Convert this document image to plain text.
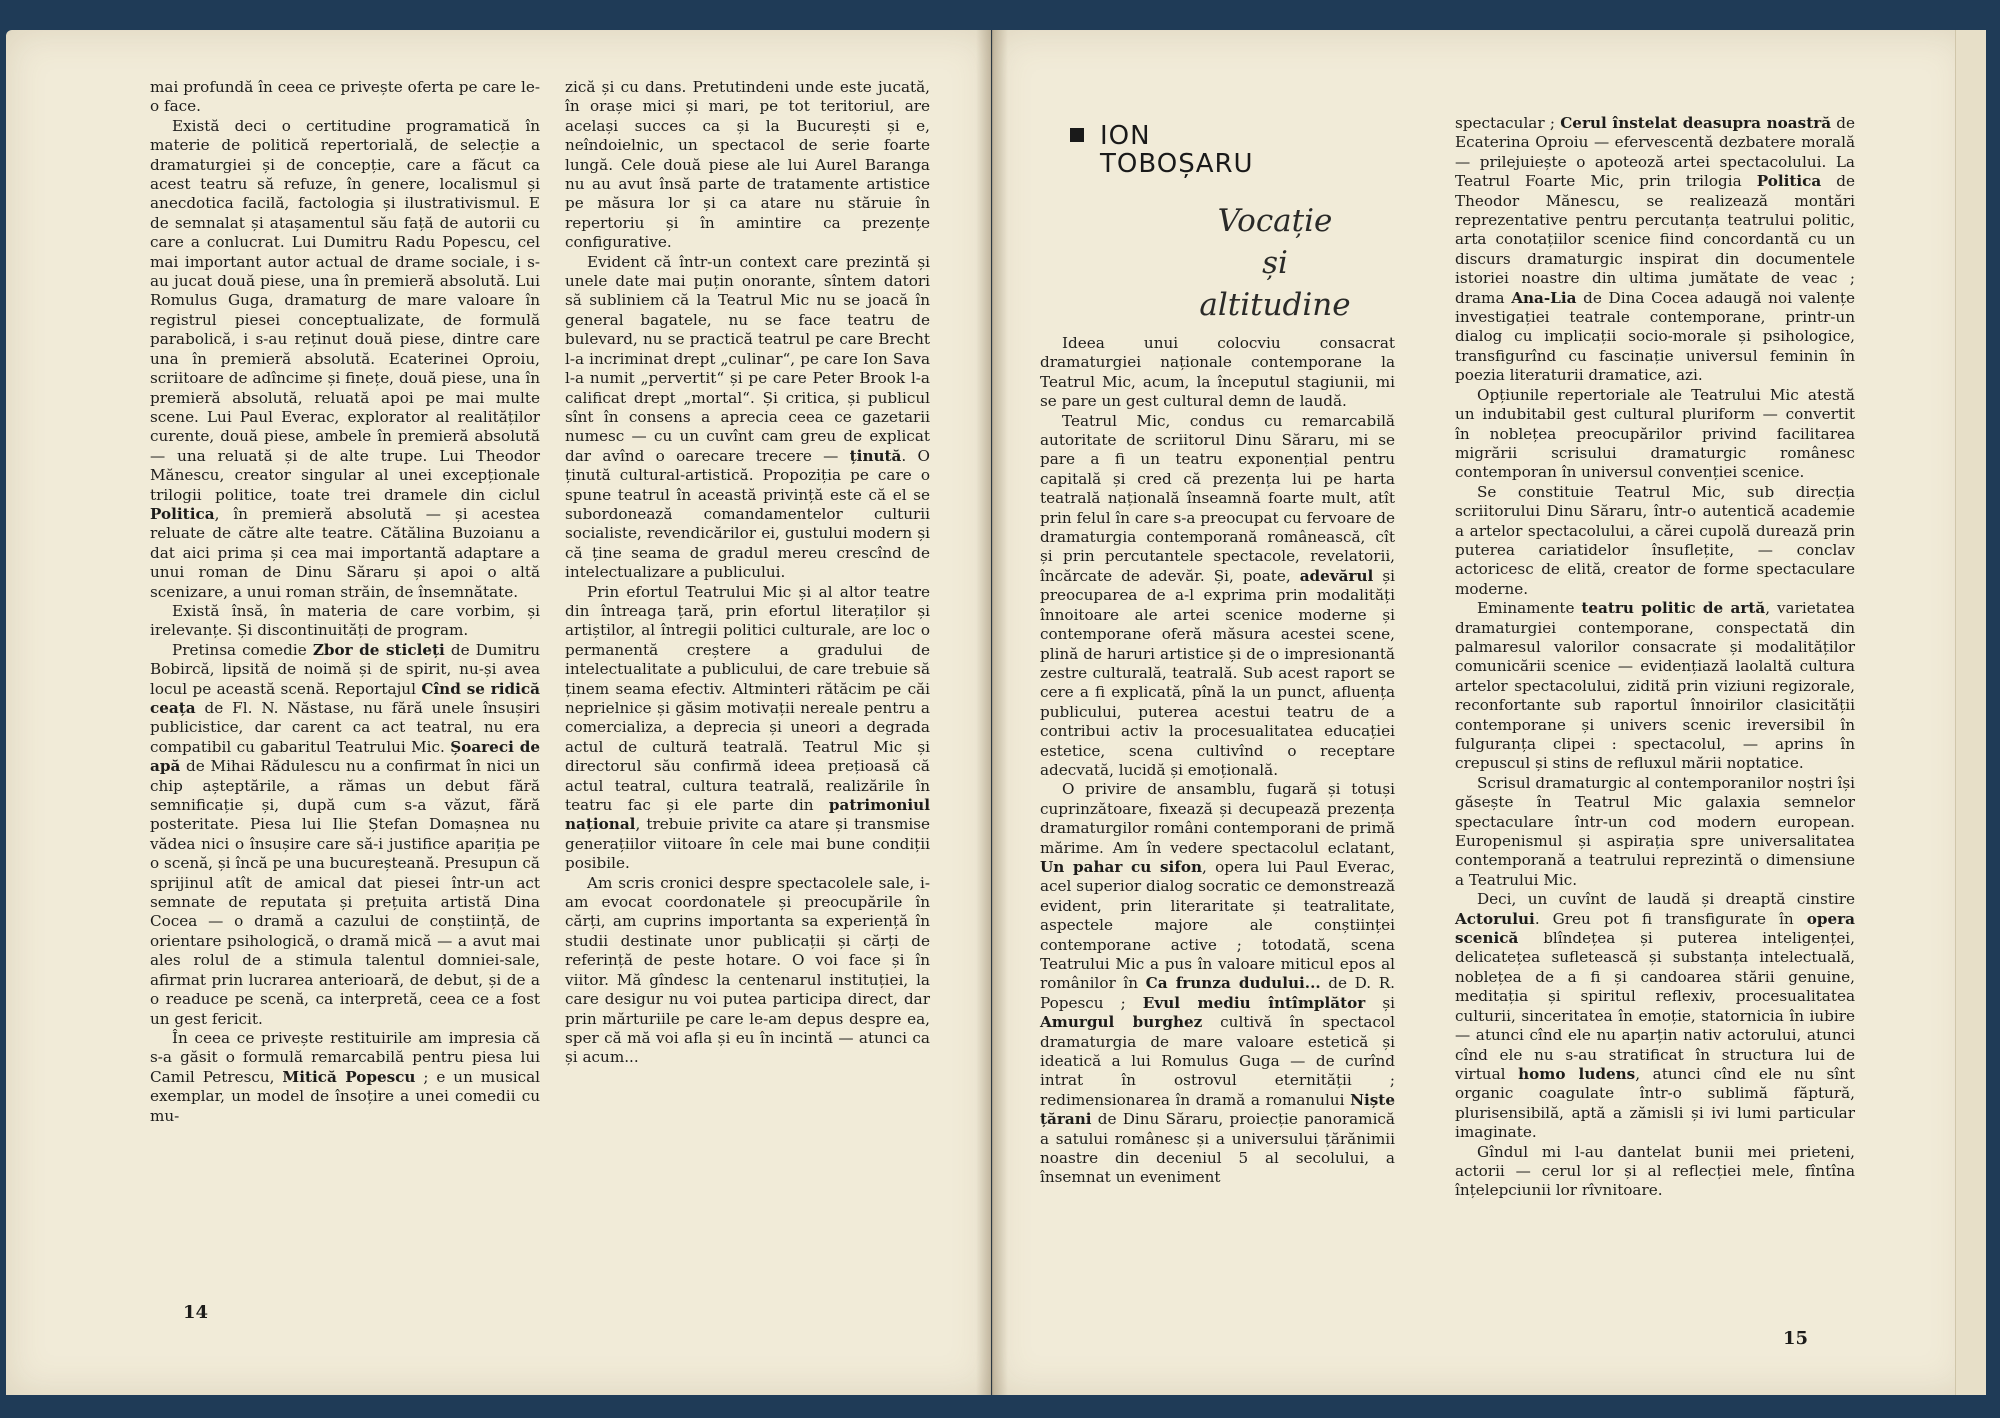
mai profundă în ceea ce privește oferta pe care le-o face.

Există deci o certitudine programatică în materie de politică repertorială, de selecție a dramaturgiei și de concepție, care a făcut ca acest teatru să refuze, în genere, localismul și anecdotica facilă, factologia și ilustrativismul. E de semnalat și atașamentul său față de autorii cu care a conlucrat. Lui Dumitru Radu Popescu, cel mai important autor actual de drame sociale, i s-au jucat două piese, una în premieră absolută. Lui Romulus Guga, dramaturg de mare valoare în registrul piesei conceptualizate, de formulă parabolică, i s-au reținut două piese, dintre care una în premieră absolută. Ecaterinei Oproiu, scriitoare de adîncime și finețe, două piese, una în premieră absolută, reluată apoi pe mai multe scene. Lui Paul Everac, explorator al realităților curente, două piese, ambele în premieră absolută — una reluată și de alte trupe. Lui Theodor Mănescu, creator singular al unei excepționale trilogii politice, toate trei dramele din ciclul Politica, în premieră absolută — și acestea reluate de către alte teatre. Cătălina Buzoianu a dat aici prima și cea mai importantă adaptare a unui roman de Dinu Săraru și apoi o altă scenizare, a unui roman străin, de însemnătate.

Există însă, în materia de care vorbim, și irelevanțe. Și discontinuități de program.

Pretinsa comedie Zbor de sticleți de Dumitru Bobircă, lipsită de noimă și de spirit, nu-și avea locul pe această scenă. Reportajul Cînd se ridică ceața de Fl. N. Năstase, nu fără unele însușiri publicistice, dar carent ca act teatral, nu era compatibil cu gabaritul Teatrului Mic. Șoareci de apă de Mihai Rădulescu nu a confirmat în nici un chip așteptările, a rămas un debut fără semnificație și, după cum s-a văzut, fără posteritate. Piesa lui Ilie Ștefan Domașnea nu vădea nici o însușire care să-i justifice apariția pe o scenă, și încă pe una bucureșteană. Presupun că sprijinul atît de amical dat piesei într-un act semnate de reputata și prețuita artistă Dina Cocea — o dramă a cazului de conștiință, de orientare psihologică, o dramă mică — a avut mai ales rolul de a stimula talentul domniei-sale, afirmat prin lucrarea anterioară, de debut, și de a o readuce pe scenă, ca interpretă, ceea ce a fost un gest fericit.

În ceea ce privește restituirile am impresia că s-a găsit o formulă remarcabilă pentru piesa lui Camil Petrescu, Mitică Popescu ; e un musical exemplar, un model de însoțire a unei comedii cu mu-

zică și cu dans. Pretutindeni unde este jucată, în orașe mici și mari, pe tot teritoriul, are același succes ca și la București și e, neîndoielnic, un spectacol de serie foarte lungă. Cele două piese ale lui Aurel Baranga nu au avut însă parte de tratamente artistice pe măsura lor și ca atare nu stăruie în repertoriu și în amintire ca prezențe configurative.

Evident că într-un context care prezintă și unele date mai puțin onorante, sîntem datori să subliniem că la Teatrul Mic nu se joacă în general bagatele, nu se face teatru de bulevard, nu se practică teatrul pe care Brecht l-a incriminat drept „culinar“, pe care Ion Sava l-a numit „pervertit“ și pe care Peter Brook l-a calificat drept „mortal“. Și critica, și publicul sînt în consens a aprecia ceea ce gazetarii numesc — cu un cuvînt cam greu de explicat dar avînd o oarecare trecere — ținută. O ținută cultural-artistică. Propoziția pe care o spune teatrul în această privință este că el se subordonează comandamentelor culturii socialiste, revendicărilor ei, gustului modern și că ține seama de gradul mereu crescînd de intelectualizare a publicului.

Prin efortul Teatrului Mic și al altor teatre din întreaga țară, prin efortul literaților și artiștilor, al întregii politici culturale, are loc o permanentă creștere a gradului de intelectualitate a publicului, de care trebuie să ținem seama efectiv. Altminteri rătăcim pe căi neprielnice și găsim motivații nereale pentru a comercializa, a deprecia și uneori a degrada actul de cultură teatrală. Teatrul Mic și directorul său confirmă ideea prețioasă că actul teatral, cultura teatrală, realizările în teatru fac și ele parte din patrimoniul național, trebuie privite ca atare și transmise generațiilor viitoare în cele mai bune condiții posibile.

Am scris cronici despre spectacolele sale, i-am evocat coordonatele și preocupările în cărți, am cuprins importanta sa experiență în studii destinate unor publicații și cărți de referință de peste hotare. O voi face și în viitor. Mă gîndesc la centenarul instituției, la care desigur nu voi putea participa direct, dar prin mărturiile pe care le-am depus despre ea, sper că mă voi afla și eu în incintă — atunci ca și acum...

14
ION
TOBOȘARU
Vocație
și
altitudine

Ideea unui colocviu consacrat dramaturgiei naționale contemporane la Teatrul Mic, acum, la începutul stagiunii, mi se pare un gest cultural demn de laudă.

Teatrul Mic, condus cu remarcabilă autoritate de scriitorul Dinu Săraru, mi se pare a fi un teatru exponențial pentru capitală și cred că prezența lui pe harta teatrală națională înseamnă foarte mult, atît prin felul în care s-a preocupat cu fervoare de dramaturgia contemporană românească, cît și prin percutantele spectacole, revelatorii, încărcate de adevăr. Și, poate, adevărul și preocuparea de a-l exprima prin modalități înnoitoare ale artei scenice moderne și contemporane oferă măsura acestei scene, plină de haruri artistice și de o impresionantă zestre culturală, teatrală. Sub acest raport se cere a fi explicată, pînă la un punct, afluența publicului, puterea acestui teatru de a contribui activ la procesualitatea educației estetice, scena cultivînd o receptare adecvată, lucidă și emoțională.

O privire de ansamblu, fugară și totuși cuprinzătoare, fixează și decupează prezența dramaturgilor români contemporani de primă mărime. Am în vedere spectacolul eclatant, Un pahar cu sifon, opera lui Paul Everac, acel superior dialog socratic ce demonstrează evident, prin literaritate și teatralitate, aspectele majore ale conștiinței contemporane active ; totodată, scena Teatrului Mic a pus în valoare miticul epos al românilor în Ca frunza dudului... de D. R. Popescu ; Evul mediu întîmplător și Amurgul burghez cultivă în spectacol dramaturgia de mare valoare estetică și ideatică a lui Romulus Guga — de curînd intrat în ostrovul eternității ; redimensionarea în dramă a romanului Niște țărani de Dinu Săraru, proiecție panoramică a satului românesc și a universului țărănimii noastre din deceniul 5 al secolului, a însemnat un eveniment

spectacular ; Cerul înstelat deasupra noastră de Ecaterina Oproiu — efervescentă dezbatere morală — prilejuiește o apoteoză artei spectacolului. La Teatrul Foarte Mic, prin trilogia Politica de Theodor Mănescu, se realizează montări reprezentative pentru percutanța teatrului politic, arta conotațiilor scenice fiind concordantă cu un discurs dramaturgic inspirat din documentele istoriei noastre din ultima jumătate de veac ; drama Ana-Lia de Dina Cocea adaugă noi valențe investigației teatrale contemporane, printr-un dialog cu implicații socio-morale și psihologice, transfigurînd cu fascinație universul feminin în poezia literaturii dramatice, azi.

Opțiunile repertoriale ale Teatrului Mic atestă un indubitabil gest cultural pluriform — convertit în noblețea preocupărilor privind facilitarea migrării scrisului dramaturgic românesc contemporan în universul convenției scenice.

Se constituie Teatrul Mic, sub direcția scriitorului Dinu Săraru, într-o autentică academie a artelor spectacolului, a cărei cupolă durează prin puterea cariatidelor însuflețite, — conclav actoricesc de elită, creator de forme spectaculare moderne.

Eminamente teatru politic de artă, varietatea dramaturgiei contemporane, conspectată din palmaresul valorilor consacrate și modalităților comunicării scenice — evidențiază laolaltă cultura artelor spectacolului, zidită prin viziuni regizorale, reconfortante sub raportul înnoirilor clasicității contemporane și univers scenic ireversibil în fulguranța clipei : spectacolul, — aprins în crepuscul și stins de refluxul mării noptatice.

Scrisul dramaturgic al contemporanilor noștri își găsește în Teatrul Mic galaxia semnelor spectaculare într-un cod modern european. Europenismul și aspirația spre universalitatea contemporană a teatrului reprezintă o dimensiune a Teatrului Mic.

Deci, un cuvînt de laudă și dreaptă cinstire Actorului. Greu pot fi transfigurate în opera scenică blîndețea și puterea inteligenței, delicatețea sufletească și substanța intelectuală, noblețea de a fi și candoarea stării genuine, meditația și spiritul reflexiv, procesualitatea culturii, sinceritatea în emoție, statornicia în iubire — atunci cînd ele nu aparțin nativ actorului, atunci cînd ele nu s-au stratificat în structura lui de virtual homo ludens, atunci cînd ele nu sînt organic coagulate într-o sublimă făptură, plurisensibilă, aptă a zămisli și ivi lumi particular imaginate.

Gîndul mi l-au dantelat bunii mei prieteni, actorii — cerul lor și al reflecției mele, fîntîna înțelepciunii lor rîvnitoare.

15
